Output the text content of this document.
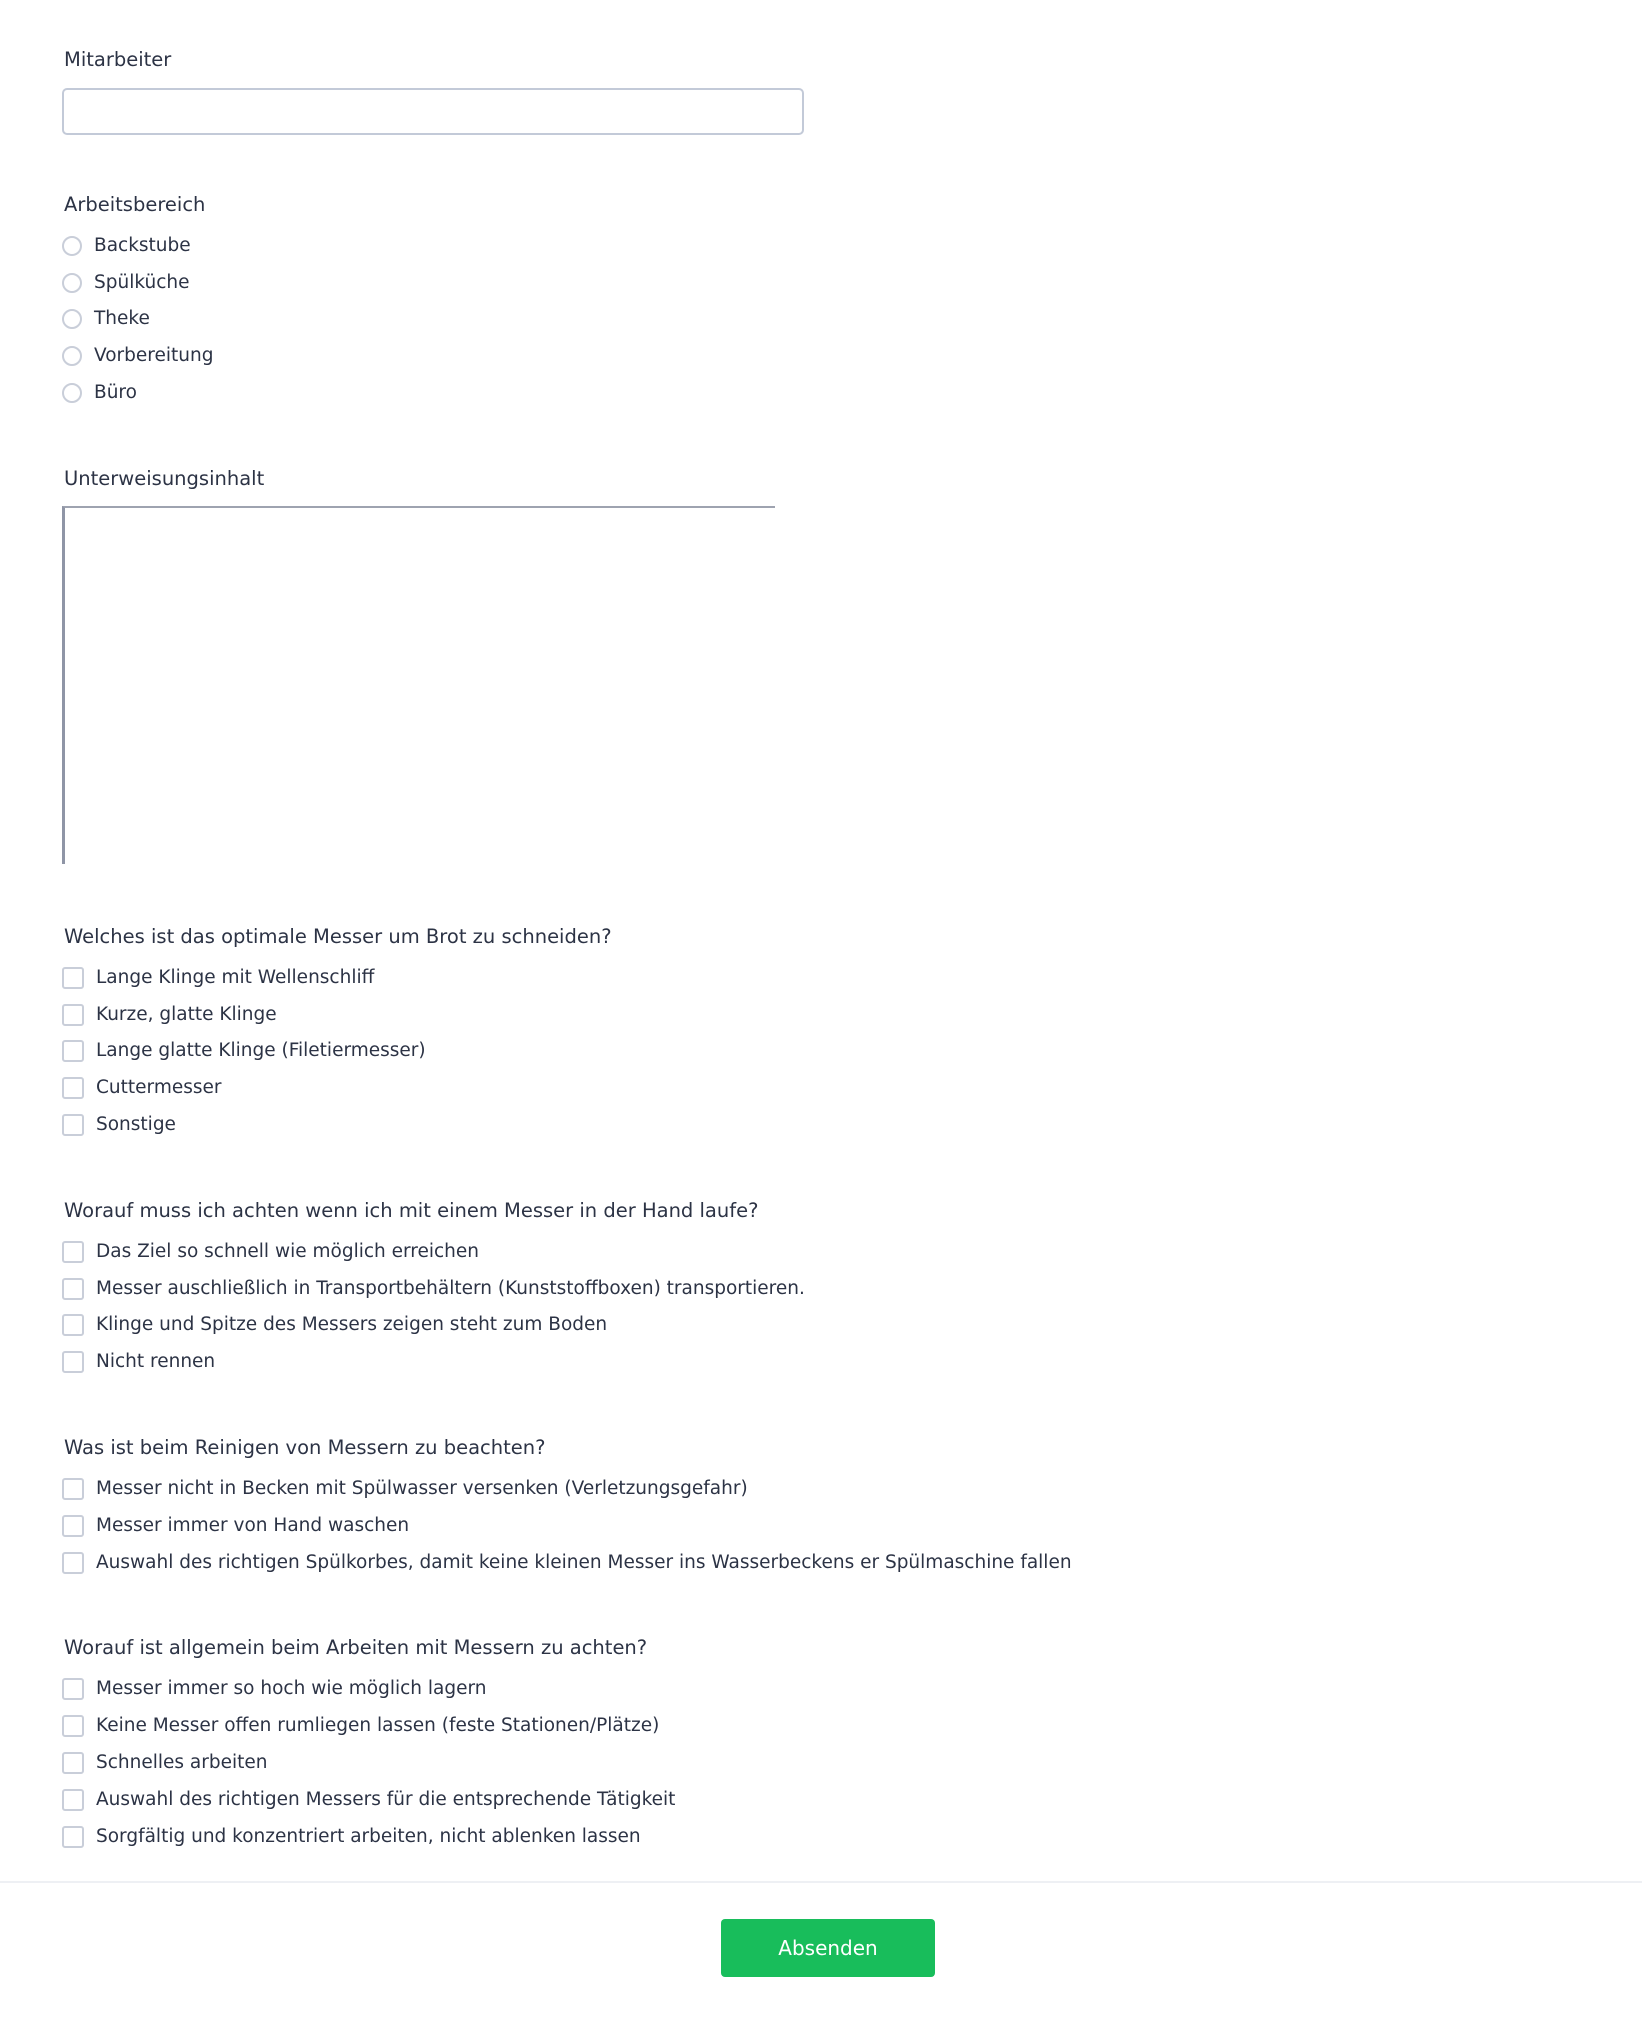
Mitarbeiter
Arbeitsbereich
Backstube
Spülküche
Theke
Vorbereitung
Büro
Unterweisungsinhalt
Welches ist das optimale Messer um Brot zu schneiden?
Lange Klinge mit Wellenschliff
Kurze, glatte Klinge
Lange glatte Klinge (Filetiermesser)
Cuttermesser
Sonstige
Worauf muss ich achten wenn ich mit einem Messer in der Hand laufe?
Das Ziel so schnell wie möglich erreichen
Messer auschließlich in Transportbehältern (Kunststoffboxen) transportieren.
Klinge und Spitze des Messers zeigen steht zum Boden
Nicht rennen
Was ist beim Reinigen von Messern zu beachten?
Messer nicht in Becken mit Spülwasser versenken (Verletzungsgefahr)
Messer immer von Hand waschen
Auswahl des richtigen Spülkorbes, damit keine kleinen Messer ins Wasserbeckens er Spülmaschine fallen
Worauf ist allgemein beim Arbeiten mit Messern zu achten?
Messer immer so hoch wie möglich lagern
Keine Messer offen rumliegen lassen (feste Stationen/Plätze)
Schnelles arbeiten
Auswahl des richtigen Messers für die entsprechende Tätigkeit
Sorgfältig und konzentriert arbeiten, nicht ablenken lassen
Absenden
